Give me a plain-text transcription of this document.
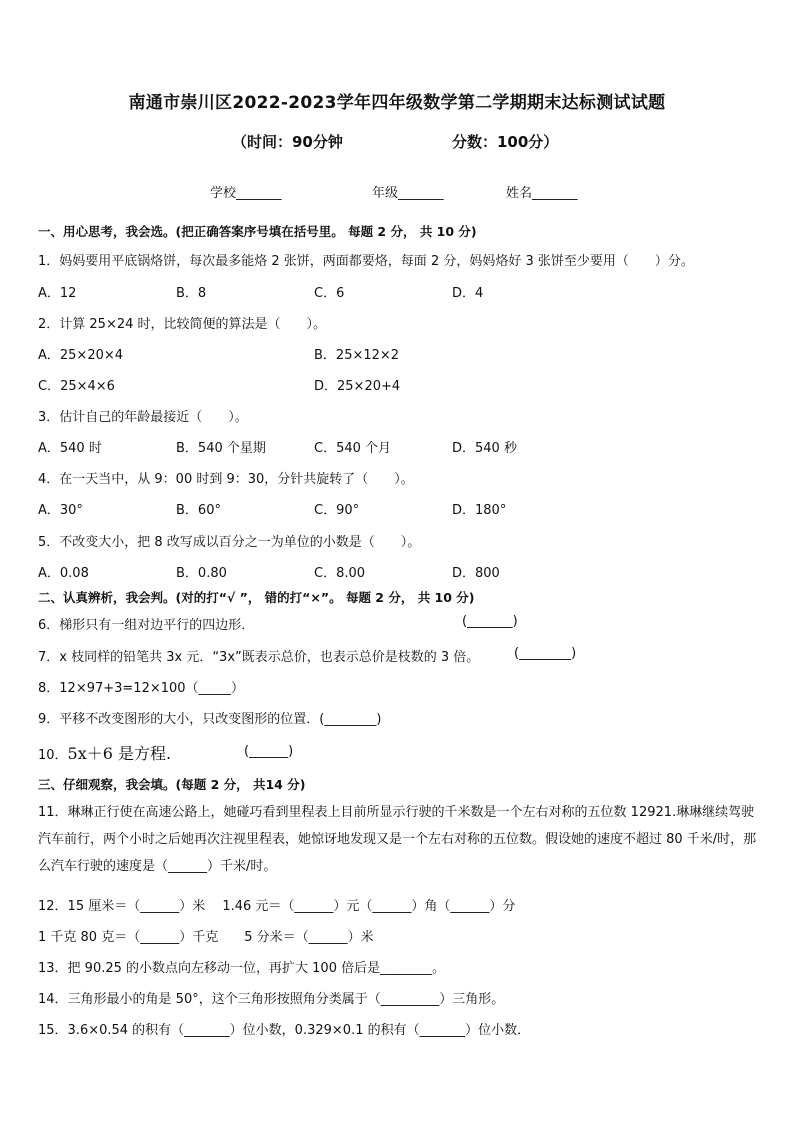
南通市崇川区2022-2023学年四年级数学第二学期期末达标测试试题
（时间：90分钟	分数：100分）
学校_______	年级_______	姓名_______
一、用心思考，我会选。(把正确答案序号填在括号里。 每题 2 分， 共 10 分)
1．妈妈要用平底锅烙饼，每次最多能烙 2 张饼，两面都要烙，每面 2 分，妈妈烙好 3 张饼至少要用（　　）分。
A．12	B．8	C．6	D．4
2．计算 25×24 时，比较简便的算法是（　　）。
A．25×20×4	B．25×12×2
C．25×4×6	D．25×20+4
3．估计自己的年龄最接近（　　）。
A．540 时	B．540 个星期	C．540 个月	D．540 秒
4．在一天当中，从 9：00 时到 9：30，分针共旋转了（　　）。
A．30°	B．60°	C．90°	D．180°
5．不改变大小，把 8 改写成以百分之一为单位的小数是（　　）。
A．0.08	B．0.80	C．8.00	D．800
二、认真辨析，我会判。(对的打“√ ”， 错的打“×”。 每题 2 分， 共 10 分)
6．梯形只有一组对边平行的四边形．	(_______)
7．x 枝同样的铅笔共 3x 元．“3x”既表示总价，也表示总价是枝数的 3 倍。	(________)
8．12×97+3=12×100（_____）
9．平移不改变图形的大小，只改变图形的位置．(________)
10．5x＋6 是方程.	(______)
三、仔细观察，我会填。(每题 2 分， 共14 分)
11．琳琳正行使在高速公路上，她碰巧看到里程表上目前所显示行驶的千米数是一个左右对称的五位数 12921.琳琳继续驾驶汽车前行，两个小时之后她再次注视里程表，她惊讶地发现又是一个左右对称的五位数。假设她的速度不超过 80 千米/时，那么汽车行驶的速度是（______）千米/时。
12．15 厘米＝（______）米　 1.46 元＝（______）元（______）角（______）分
1 千克 80 克＝（______）千克　　5 分米＝（______）米
13．把 90.25 的小数点向左移动一位，再扩大 100 倍后是________。
14．三角形最小的角是 50°，这个三角形按照角分类属于（_________）三角形。
15．3.6×0.54 的积有（_______）位小数，0.329×0.1 的积有（_______）位小数．
